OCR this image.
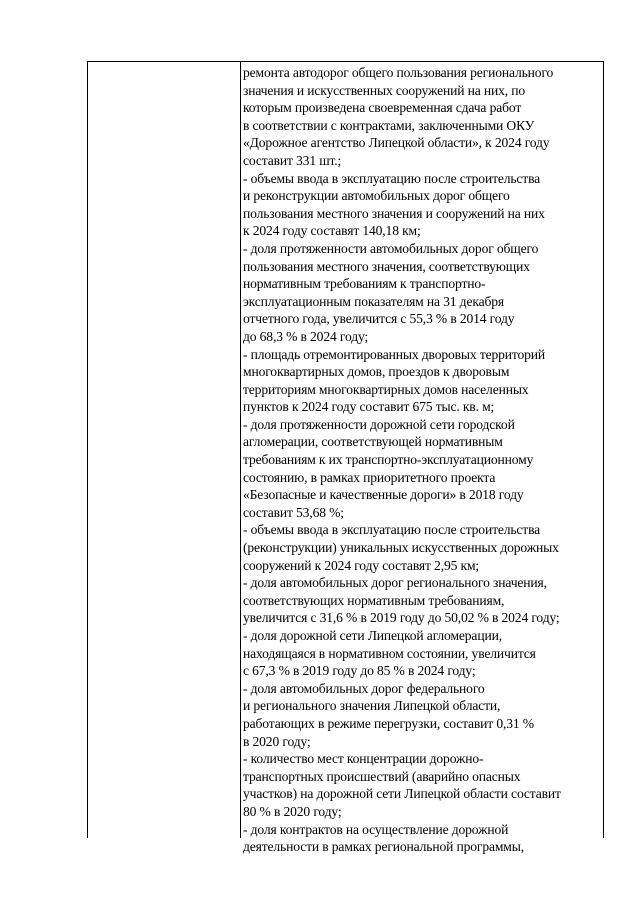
ремонта автодорог общего пользования регионального
значения и искусственных сооружений на них, по
которым произведена своевременная сдача работ
в соответствии с контрактами, заключенными ОКУ
«Дорожное агентство Липецкой области», к 2024 году
составит 331 шт.;
- объемы ввода в эксплуатацию после строительства
и реконструкции автомобильных дорог общего
пользования местного значения и сооружений на них
к 2024 году составят 140,18 км;
- доля протяженности автомобильных дорог общего
пользования местного значения, соответствующих
нормативным требованиям к транспортно-
эксплуатационным показателям на 31 декабря
отчетного года, увеличится с 55,3 % в 2014 году
до 68,3 % в 2024 году;
- площадь отремонтированных дворовых территорий
многоквартирных домов, проездов к дворовым
территориям многоквартирных домов населенных
пунктов к 2024 году составит 675 тыс. кв. м;
- доля протяженности дорожной сети городской
агломерации, соответствующей нормативным
требованиям к их транспортно-эксплуатационному
состоянию, в рамках приоритетного проекта
«Безопасные и качественные дороги» в 2018 году
составит 53,68 %;
- объемы ввода в эксплуатацию после строительства
(реконструкции) уникальных искусственных дорожных
сооружений к 2024 году составят 2,95 км;
- доля автомобильных дорог регионального значения,
соответствующих нормативным требованиям,
увеличится с 31,6 % в 2019 году до 50,02 % в 2024 году;
- доля дорожной сети Липецкой агломерации,
находящаяся в нормативном состоянии, увеличится
с 67,3 % в 2019 году до 85 % в 2024 году;
- доля автомобильных дорог федерального
и регионального значения Липецкой области,
работающих в режиме перегрузки, составит 0,31 %
в 2020 году;
- количество мест концентрации дорожно-
транспортных происшествий (аварийно опасных
участков) на дорожной сети Липецкой области составит
80 % в 2020 году;
- доля контрактов на осуществление дорожной
деятельности в рамках региональной программы,
